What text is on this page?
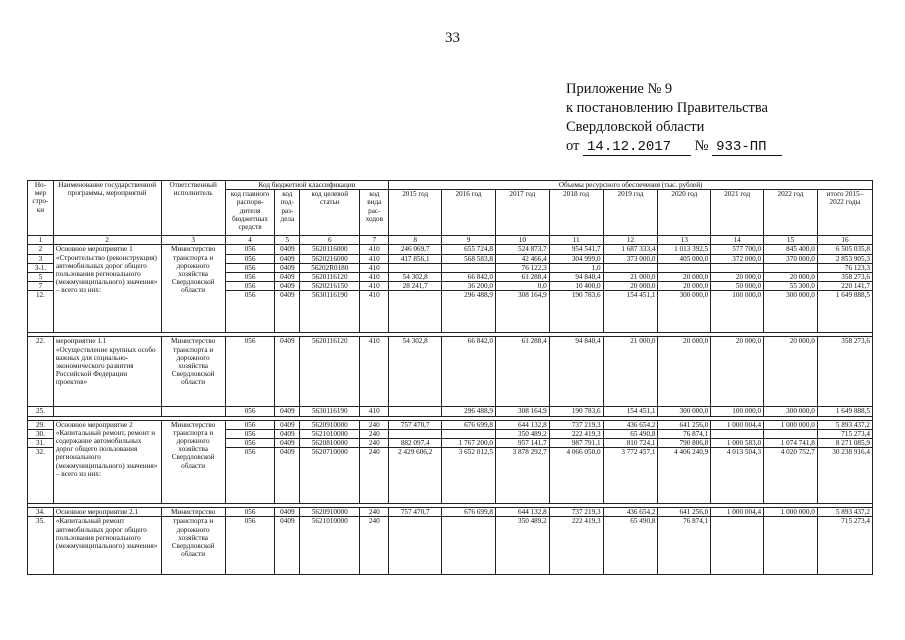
33
Приложение № 9
к постановлению Правительства
Свердловской области
от 14.12.2017 № 933-ПП
Но-мер стро-ки	Наименование государственной программы, мероприятий	Ответственный исполнитель	Код бюджетной классификации				Объемы ресурсного обеспечения (тыс. рублей)								
			код главного распоря-дителя бюджетных средств	код под-раз-дела	код целевой статьи	код вида рас-ходов	2015 год	2016 год	2017 год	2018 год	2019 год	2020 год	2021 год	2022 год	итого 2015–2022 годы
1	2	3	4	5	6	7	8	9	10	11	12	13	14	15	16
2	Основное мероприятие 1 «Строительство (реконструкция) автомобильных дорог общего пользования регионального (межмуниципального) значения» – всего из них:	Министерство транспорта и дорожного хозяйства Свердловской области	056	0409	5620116000	410	246 069,7	655 724,8	524 873,7	954 541,7	1 687 333,4	1 013 392,5	577 700,0	845 400,0	6 505 035,8
3			056	0409	5620216000	410	417 856,1	568 583,8	42 466,4	304 999,0	373 000,0	405 000,0	372 000,0	370 000,0	2 853 905,3
3-1.			056	0409	56202R0180	410			76 122,3	1,0					76 123,3
5			056	0409	5620116120	410	54 302,8	66 842,0	61 288,4	94 840,4	21 000,0	20 000,0	20 000,0	20 000,0	358 273,6
7			056	0409	5620216150	410	28 241,7	36 200,0	0,0	10 400,0	20 000,0	20 000,0	50 000,0	55 300,0	220 141,7
12.			056	0409	5630116190	410		296 488,9	308 164,9	190 783,6	154 451,1	300 000,0	100 000,0	300 000,0	1 649 888,5

22.	мероприятие 1.1 «Осуществление крупных особо важных для социально-экономического развития Российской Федерации проектов»	Министерство транспорта и дорожного хозяйства Свердловской области	056	0409	5620116120	410	54 302,8	66 842,0	61 288,4	94 840,4	21 000,0	20 000,0	20 000,0	20 000,0	358 273,6
25.			056	0409	5630116190	410		296 488,9	308 164,9	190 783,6	154 451,1	300 000,0	100 000,0	300 000,0	1 649 888,5

29.	Основное мероприятие 2 «Капитальный ремонт, ремонт и содержание автомобильных дорог общего пользования регионального (межмуниципального) значения» – всего из них:	Министерство транспорта и дорожного хозяйства Свердловской области	056	0409	5620910000	240	757 470,7	676 699,8	644 132,8	737 219,3	436 654,2	641 256,0	1 000 004,4	1 000 000,0	5 893 437,2
30.			056	0409	5621010000	240			350 489,2	222 419,3	65 490,8	76 874,1			715 273,4
31.			056	0409	5620810000	240	882 097,4	1 767 200,0	957 141,7	987 791,1	810 724,1	790 806,8	1 000 583,0	1 074 741,8	8 271 085,9
32.			056	0409	5620710000	240	2 429 606,2	3 652 012,5	3 878 292,7	4 066 050,0	3 772 457,1	4 406 240,9	4 013 504,3	4 020 752,7	30 238 916,4

34.	Основное мероприятие 2.1	Министерство	056	0409	5620910000	240	757 470,7	676 699,8	644 132,8	737 219,3	436 654,2	641 256,0	1 000 004,4	1 000 000,0	5 893 437,2
35.	«Капитальный ремонт автомобильных дорог общего пользования регионального (межмуниципального) значения»	транспорта и дорожного хозяйства Свердловской области	056	0409	5621010000	240			350 489,2	222 419,3	65 490,8	76 874,1			715 273,4
